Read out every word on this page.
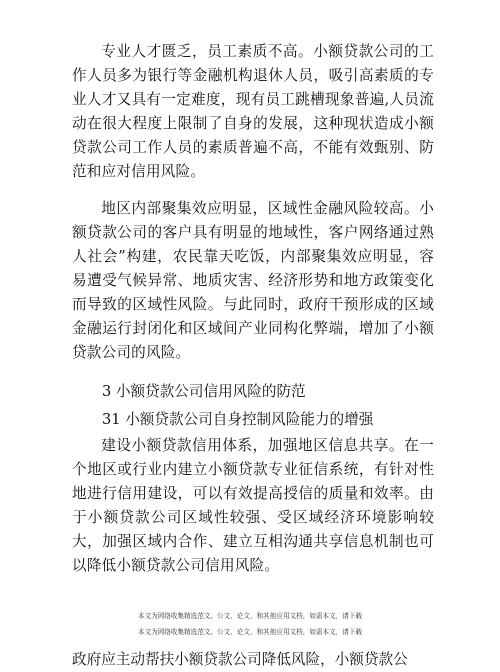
专业人才匮乏，员工素质不高。小额贷款公司的工作人员多为银行等金融机构退休人员，吸引高素质的专业人才又具有一定难度，现有员工跳槽现象普遍,人员流动在很大程度上限制了自身的发展，这种现状造成小额贷款公司工作人员的素质普遍不高，不能有效甄别、防范和应对信用风险。

地区内部聚集效应明显，区域性金融风险较高。小额贷款公司的客户具有明显的地域性，客户网络通过熟人社会”构建，农民靠天吃饭，内部聚集效应明显，容易遭受气候异常、地质灾害、经济形势和地方政策变化而导致的区域性风险。与此同时，政府干预形成的区域金融运行封闭化和区域间产业同构化弊端，增加了小额贷款公司的风险。

3 小额贷款公司信用风险的防范

31 小额贷款公司自身控制风险能力的增强

建设小额贷款信用体系，加强地区信息共享。在一个地区或行业内建立小额贷款专业征信系统，有针对性地进行信用建设，可以有效提高授信的质量和效率。由于小额贷款公司区域性较强、受区域经济环境影响较大，加强区域内合作、建立互相沟通共享信息机制也可以降低小额贷款公司信用风险。

本文为网络收集精选范文、公文、论文、和其他应用文档，如需本文，请下载
本文为网络收集精选范文、公文、论文、和其他应用文档，如需本文，请下载

政府应主动帮扶小额贷款公司降低风险，小额贷款公
